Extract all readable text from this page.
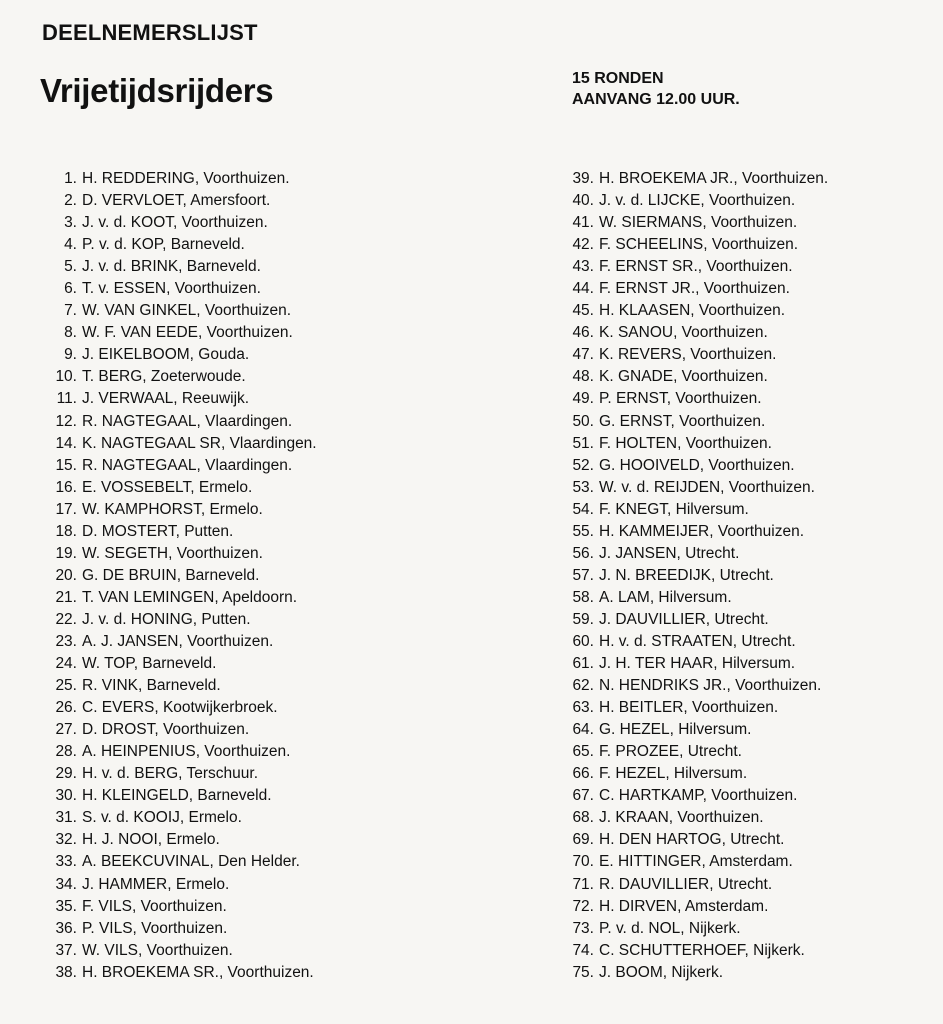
DEELNEMERSLIJST
Vrijetijdsrijders	15 RONDEN
AANVANG 12.00 UUR.
1. H. REDDERING, Voorthuizen.
2. D. VERVLOET, Amersfoort.
3. J. v. d. KOOT, Voorthuizen.
4. P. v. d. KOP, Barneveld.
5. J. v. d. BRINK, Barneveld.
6. T. v. ESSEN, Voorthuizen.
7. W. VAN GINKEL, Voorthuizen.
8. W. F. VAN EEDE, Voorthuizen.
9. J. EIKELBOOM, Gouda.
10. T. BERG, Zoeterwoude.
11. J. VERWAAL, Reeuwijk.
12. R. NAGTEGAAL, Vlaardingen.
14. K. NAGTEGAAL SR, Vlaardingen.
15. R. NAGTEGAAL, Vlaardingen.
16. E. VOSSEBELT, Ermelo.
17. W. KAMPHORST, Ermelo.
18. D. MOSTERT, Putten.
19. W. SEGETH, Voorthuizen.
20. G. DE BRUIN, Barneveld.
21. T. VAN LEMINGEN, Apeldoorn.
22. J. v. d. HONING, Putten.
23. A. J. JANSEN, Voorthuizen.
24. W. TOP, Barneveld.
25. R. VINK, Barneveld.
26. C. EVERS, Kootwijkerbroek.
27. D. DROST, Voorthuizen.
28. A. HEINPENIUS, Voorthuizen.
29. H. v. d. BERG, Terschuur.
30. H. KLEINGELD, Barneveld.
31. S. v. d. KOOIJ, Ermelo.
32. H. J. NOOI, Ermelo.
33. A. BEEKCUVINAL, Den Helder.
34. J. HAMMER, Ermelo.
35. F. VILS, Voorthuizen.
36. P. VILS, Voorthuizen.
37. W. VILS, Voorthuizen.
38. H. BROEKEMA SR., Voorthuizen.
39. H. BROEKEMA JR., Voorthuizen.
40. J. v. d. LIJCKE, Voorthuizen.
41. W. SIERMANS, Voorthuizen.
42. F. SCHEELINS, Voorthuizen.
43. F. ERNST SR., Voorthuizen.
44. F. ERNST JR., Voorthuizen.
45. H. KLAASEN, Voorthuizen.
46. K. SANOU, Voorthuizen.
47. K. REVERS, Voorthuizen.
48. K. GNADE, Voorthuizen.
49. P. ERNST, Voorthuizen.
50. G. ERNST, Voorthuizen.
51. F. HOLTEN, Voorthuizen.
52. G. HOOIVELD, Voorthuizen.
53. W. v. d. REIJDEN, Voorthuizen.
54. F. KNEGT, Hilversum.
55. H. KAMMEIJER, Voorthuizen.
56. J. JANSEN, Utrecht.
57. J. N. BREEDIJK, Utrecht.
58. A. LAM, Hilversum.
59. J. DAUVILLIER, Utrecht.
60. H. v. d. STRAATEN, Utrecht.
61. J. H. TER HAAR, Hilversum.
62. N. HENDRIKS JR., Voorthuizen.
63. H. BEITLER, Voorthuizen.
64. G. HEZEL, Hilversum.
65. F. PROZEE, Utrecht.
66. F. HEZEL, Hilversum.
67. C. HARTKAMP, Voorthuizen.
68. J. KRAAN, Voorthuizen.
69. H. DEN HARTOG, Utrecht.
70. E. HITTINGER, Amsterdam.
71. R. DAUVILLIER, Utrecht.
72. H. DIRVEN, Amsterdam.
73. P. v. d. NOL, Nijkerk.
74. C. SCHUTTERHOEF, Nijkerk.
75. J. BOOM, Nijkerk.
